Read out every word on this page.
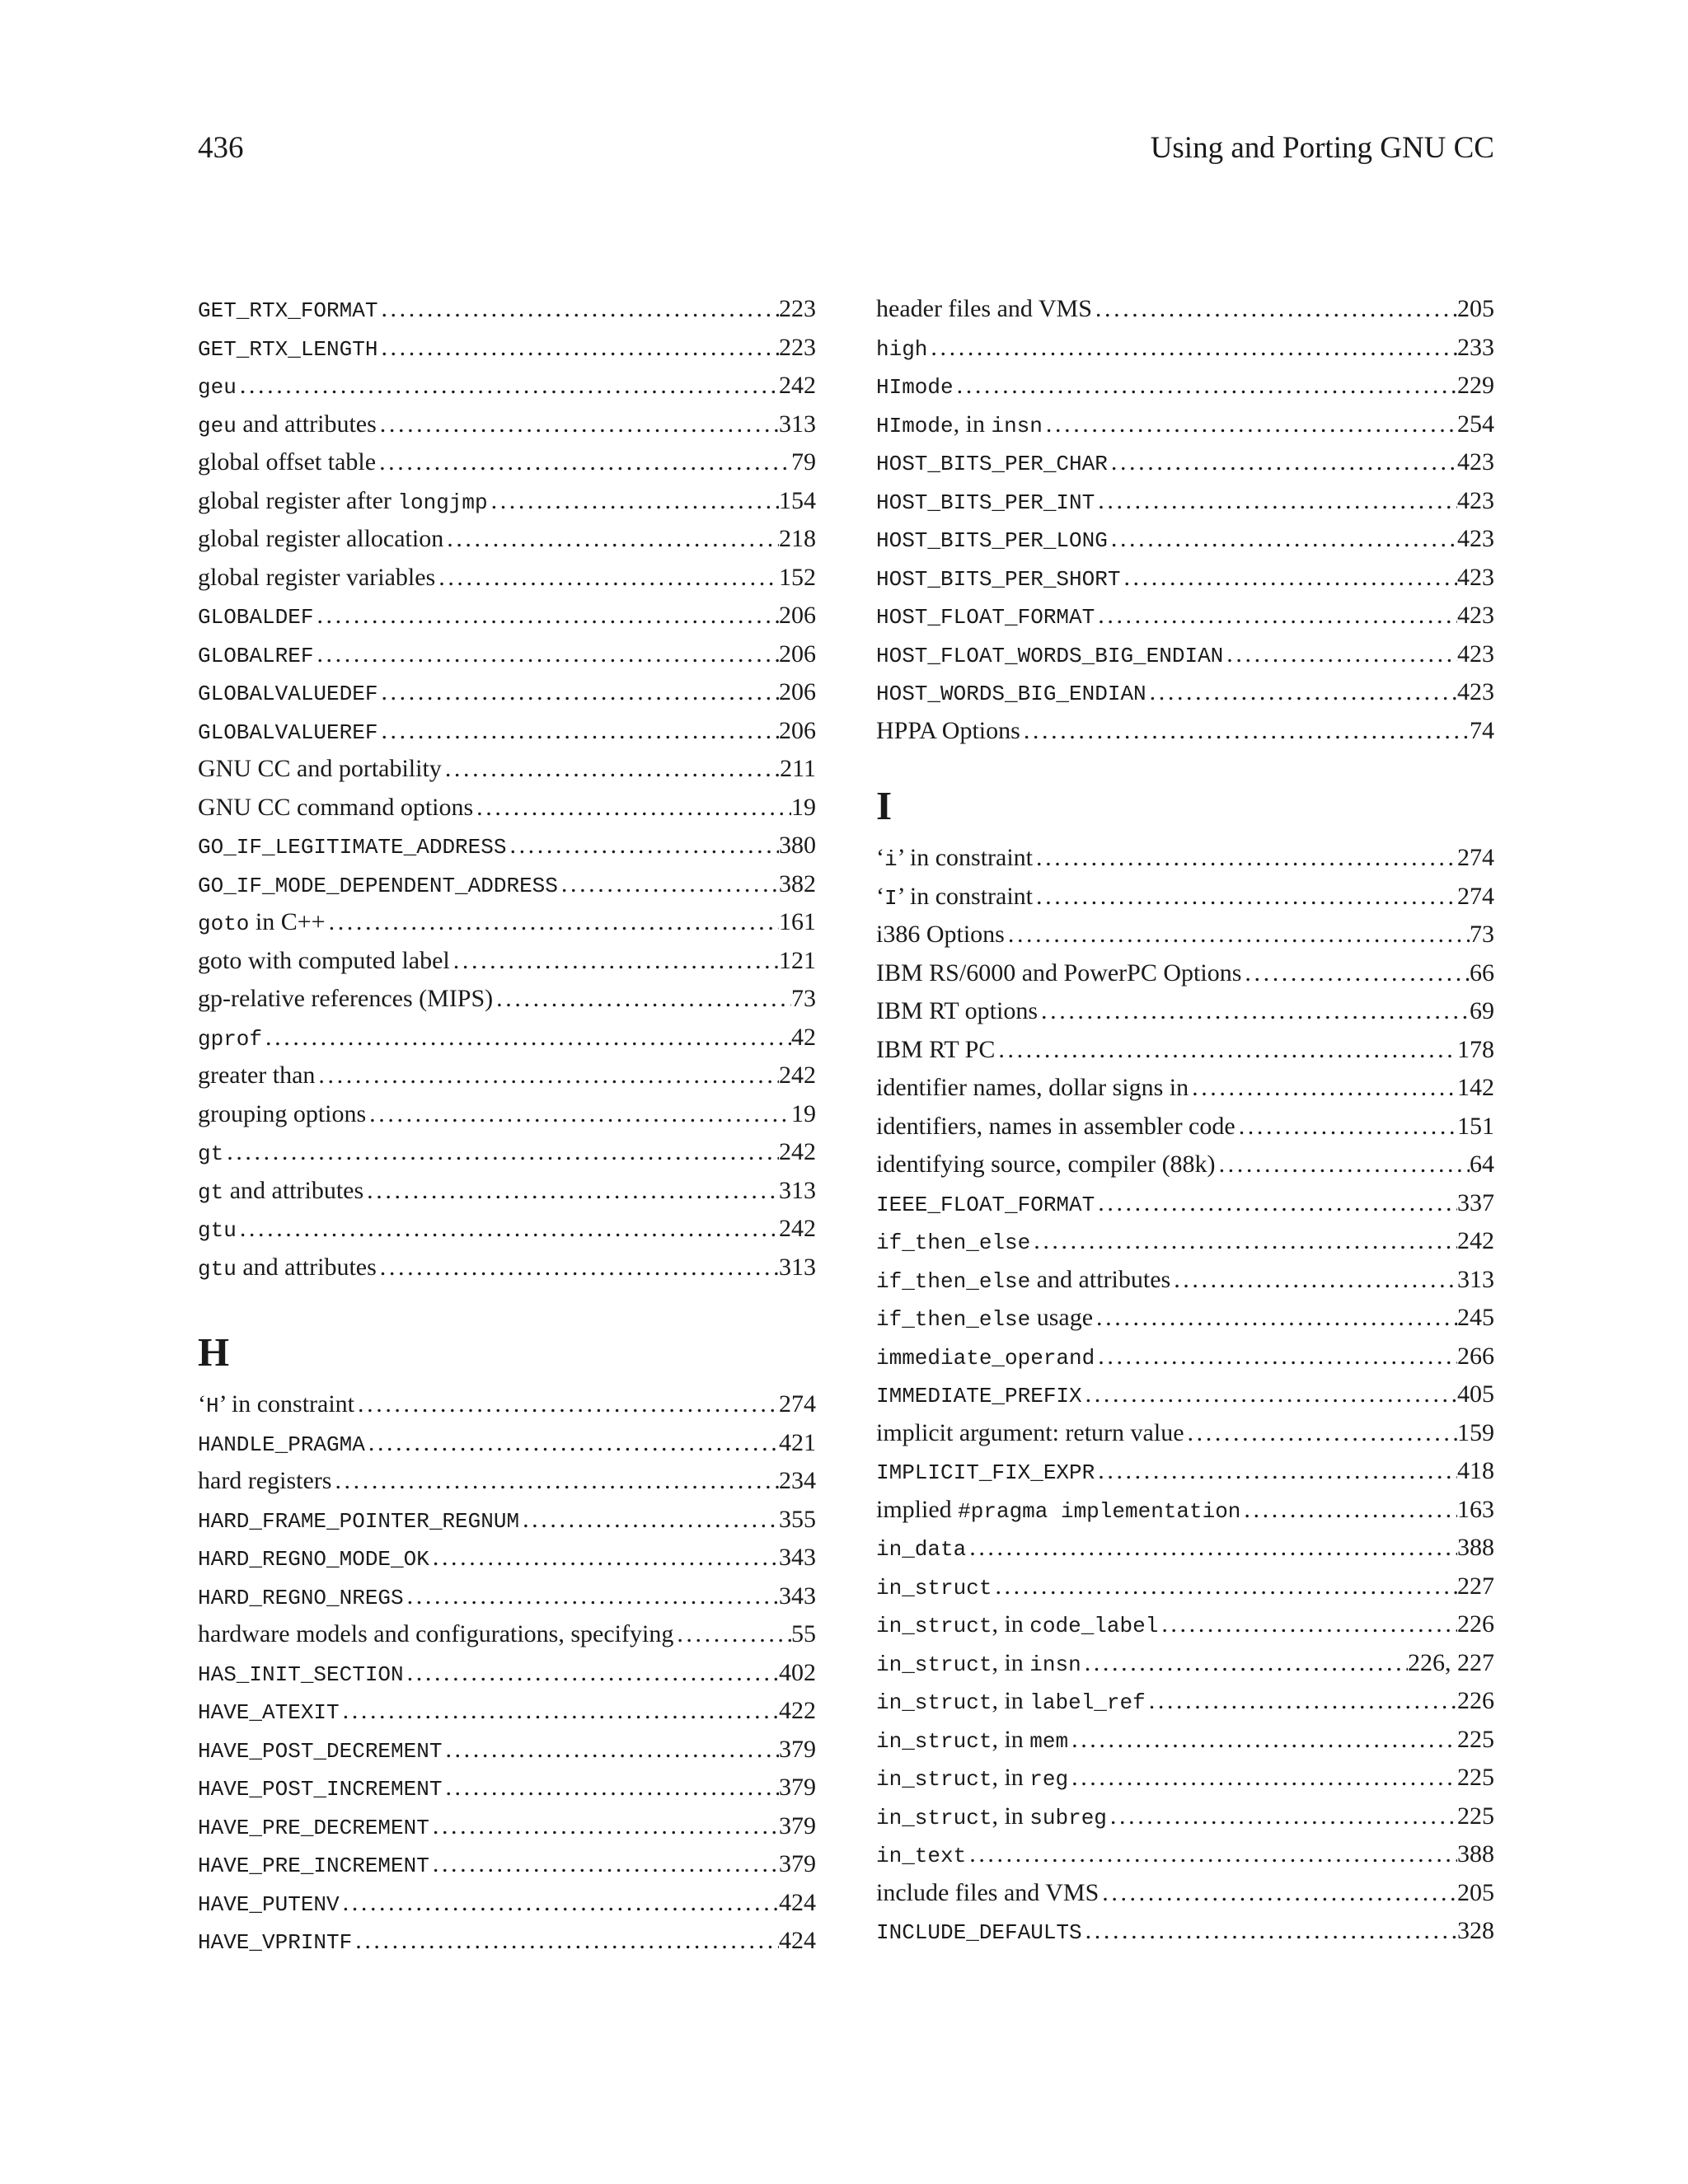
436	Using and Porting GNU CC
GET_RTX_FORMAT .....	223
GET_RTX_LENGTH .....	223
geu .....	242
geu and attributes .....	313
global offset table .....	79
global register after longjmp .....	154
global register allocation .....	218
global register variables .....	152
GLOBALDEF .....	206
GLOBALREF .....	206
GLOBALVALUEDEF .....	206
GLOBALVALUEREF .....	206
GNU CC and portability .....	211
GNU CC command options .....	19
GO_IF_LEGITIMATE_ADDRESS .....	380
GO_IF_MODE_DEPENDENT_ADDRESS .....	382
goto in C++ .....	161
goto with computed label .....	121
gp-relative references (MIPS) .....	73
gprof .....	42
greater than .....	242
grouping options .....	19
gt .....	242
gt and attributes .....	313
gtu .....	242
gtu and attributes .....	313
H
‘H’ in constraint .....	274
HANDLE_PRAGMA .....	421
hard registers .....	234
HARD_FRAME_POINTER_REGNUM .....	355
HARD_REGNO_MODE_OK .....	343
HARD_REGNO_NREGS .....	343
hardware models and configurations, specifying .....	55
HAS_INIT_SECTION .....	402
HAVE_ATEXIT .....	422
HAVE_POST_DECREMENT .....	379
HAVE_POST_INCREMENT .....	379
HAVE_PRE_DECREMENT .....	379
HAVE_PRE_INCREMENT .....	379
HAVE_PUTENV .....	424
HAVE_VPRINTF .....	424
header files and VMS .....	205
high .....	233
HImode .....	229
HImode, in insn .....	254
HOST_BITS_PER_CHAR .....	423
HOST_BITS_PER_INT .....	423
HOST_BITS_PER_LONG .....	423
HOST_BITS_PER_SHORT .....	423
HOST_FLOAT_FORMAT .....	423
HOST_FLOAT_WORDS_BIG_ENDIAN .....	423
HOST_WORDS_BIG_ENDIAN .....	423
HPPA Options .....	74
I
‘i’ in constraint .....	274
‘I’ in constraint .....	274
i386 Options .....	73
IBM RS/6000 and PowerPC Options .....	66
IBM RT options .....	69
IBM RT PC .....	178
identifier names, dollar signs in .....	142
identifiers, names in assembler code .....	151
identifying source, compiler (88k) .....	64
IEEE_FLOAT_FORMAT .....	337
if_then_else .....	242
if_then_else and attributes .....	313
if_then_else usage .....	245
immediate_operand .....	266
IMMEDIATE_PREFIX .....	405
implicit argument: return value .....	159
IMPLICIT_FIX_EXPR .....	418
implied #pragma implementation .....	163
in_data .....	388
in_struct .....	227
in_struct, in code_label .....	226
in_struct, in insn .....	226, 227
in_struct, in label_ref .....	226
in_struct, in mem .....	225
in_struct, in reg .....	225
in_struct, in subreg .....	225
in_text .....	388
include files and VMS .....	205
INCLUDE_DEFAULTS .....	328
